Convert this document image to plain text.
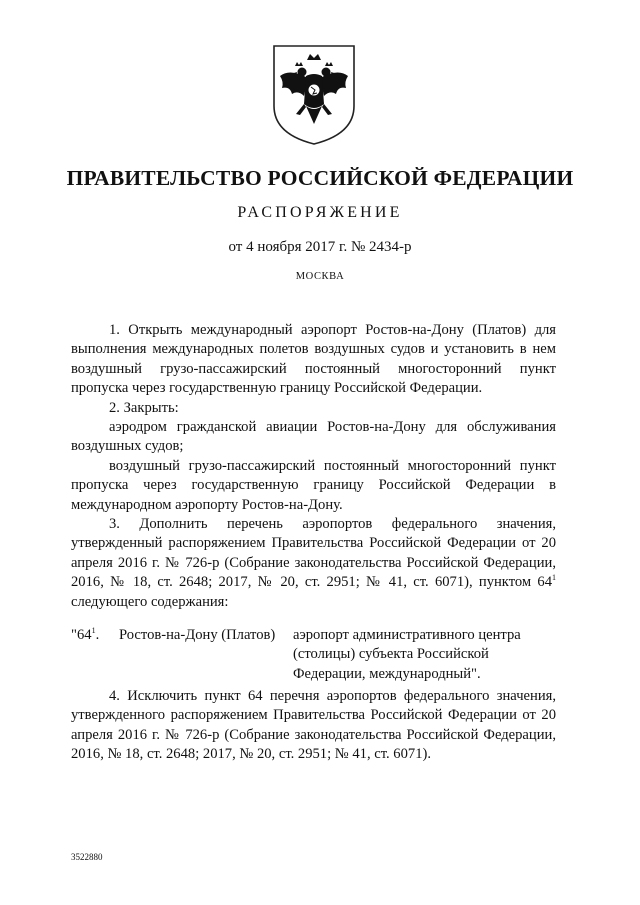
ПРАВИТЕЛЬСТВО РОССИЙСКОЙ ФЕДЕРАЦИИ
РАСПОРЯЖЕНИЕ
от 4 ноября 2017 г. № 2434-р
МОСКВА

1. Открыть международный аэропорт Ростов-на-Дону (Платов) для выполнения международных полетов воздушных судов и установить в нем воздушный грузо-пассажирский постоянный многосторонний пункт пропуска через государственную границу Российской Федерации.

2. Закрыть:

аэродром гражданской авиации Ростов-на-Дону для обслуживания воздушных судов;

воздушный грузо-пассажирский постоянный многосторонний пункт пропуска через государственную границу Российской Федерации в международном аэропорту Ростов-на-Дону.

3. Дополнить перечень аэропортов федерального значения, утвержденный распоряжением Правительства Российской Федерации от 20 апреля 2016 г. № 726-р (Собрание законодательства Российской Федерации, 2016, № 18, ст. 2648; 2017, № 20, ст. 2951; № 41, ст. 6071), пунктом $64^1$ следующего содержания:

"$64^1$. Ростов-на-Дону (Платов) аэропорт административного центра (столицы) субъекта Российской Федерации, международный".

4. Исключить пункт 64 перечня аэропортов федерального значения, утвержденного распоряжением Правительства Российской Федерации от 20 апреля 2016 г. № 726-р (Собрание законодательства Российской Федерации, 2016, № 18, ст. 2648; 2017, № 20, ст. 2951; № 41, ст. 6071).

3522880
